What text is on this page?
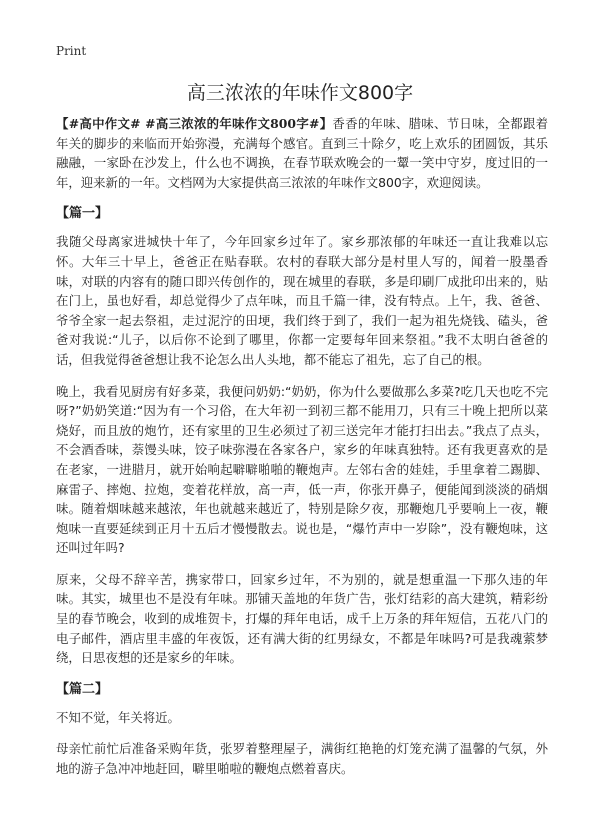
Print
高三浓浓的年味作文800字

【#高中作文# #高三浓浓的年味作文800字#】香香的年味、腊味、节日味，全都跟着年关的脚步的来临而开始弥漫，充满每个感官。直到三十除夕，吃上欢乐的团圆饭，其乐融融，一家卧在沙发上，什么也不调换，在春节联欢晚会的一颦一笑中守岁，度过旧的一年，迎来新的一年。文档网为大家提供高三浓浓的年味作文800字，欢迎阅读。

【篇一】

我随父母离家进城快十年了，今年回家乡过年了。家乡那浓郁的年味还一直让我难以忘怀。大年三十早上，爸爸正在贴春联。农村的春联大部分是村里人写的，闻着一股墨香味，对联的内容有的随口即兴传创作的，现在城里的春联，多是印刷厂成批印出来的，贴在门上，虽也好看，却总觉得少了点年味，而且千篇一律，没有特点。上午，我、爸爸、爷爷全家一起去祭祖，走过泥泞的田埂，我们终于到了，我们一起为祖先烧钱、磕头，爸爸对我说:“儿子，以后你不论到了哪里，你都一定要每年回来祭祖。”我不太明白爸爸的话，但我觉得爸爸想让我不论怎么出人头地，都不能忘了祖先，忘了自己的根。

晚上，我看见厨房有好多菜，我便问奶奶:“奶奶，你为什么要做那么多菜?吃几天也吃不完呀?”奶奶笑道:“因为有一个习俗，在大年初一到初三都不能用刀，只有三十晚上把所以菜烧好，而且放的炮竹，还有家里的卫生必须过了初三送完年才能打扫出去。”我点了点头，不会酒香味，萘馒头味，饺子味弥漫在各家各户，家乡的年味真独特。还有我更喜欢的是在老家，一进腊月，就开始响起噼噼啪啪的鞭炮声。左邻右舍的娃娃，手里拿着二踢脚、麻雷子、摔炮、拉炮，变着花样放，高一声，低一声，你张开鼻子，便能闻到淡淡的硝烟味。随着烟味越来越浓，年也就越来越近了，特别是除夕夜，那鞭炮几乎要响上一夜，鞭炮味一直要延续到正月十五后才慢慢散去。说也是，“爆竹声中一岁除”，没有鞭炮味，这还叫过年吗?

原来，父母不辞辛苦，携家带口，回家乡过年，不为别的，就是想重温一下那久违的年味。其实，城里也不是没有年味。那铺天盖地的年货广告，张灯结彩的高大建筑，精彩纷呈的春节晚会，收到的成堆贺卡，打爆的拜年电话，成千上万条的拜年短信，五花八门的电子邮件，酒店里丰盛的年夜饭，还有满大街的红男绿女，不都是年味吗?可是我魂萦梦绕，日思夜想的还是家乡的年味。

【篇二】

不知不觉，年关将近。

母亲忙前忙后准备采购年货，张罗着整理屋子，满街红艳艳的灯笼充满了温馨的气氛，外地的游子急冲冲地赶回，噼里啪啦的鞭炮点燃着喜庆。
